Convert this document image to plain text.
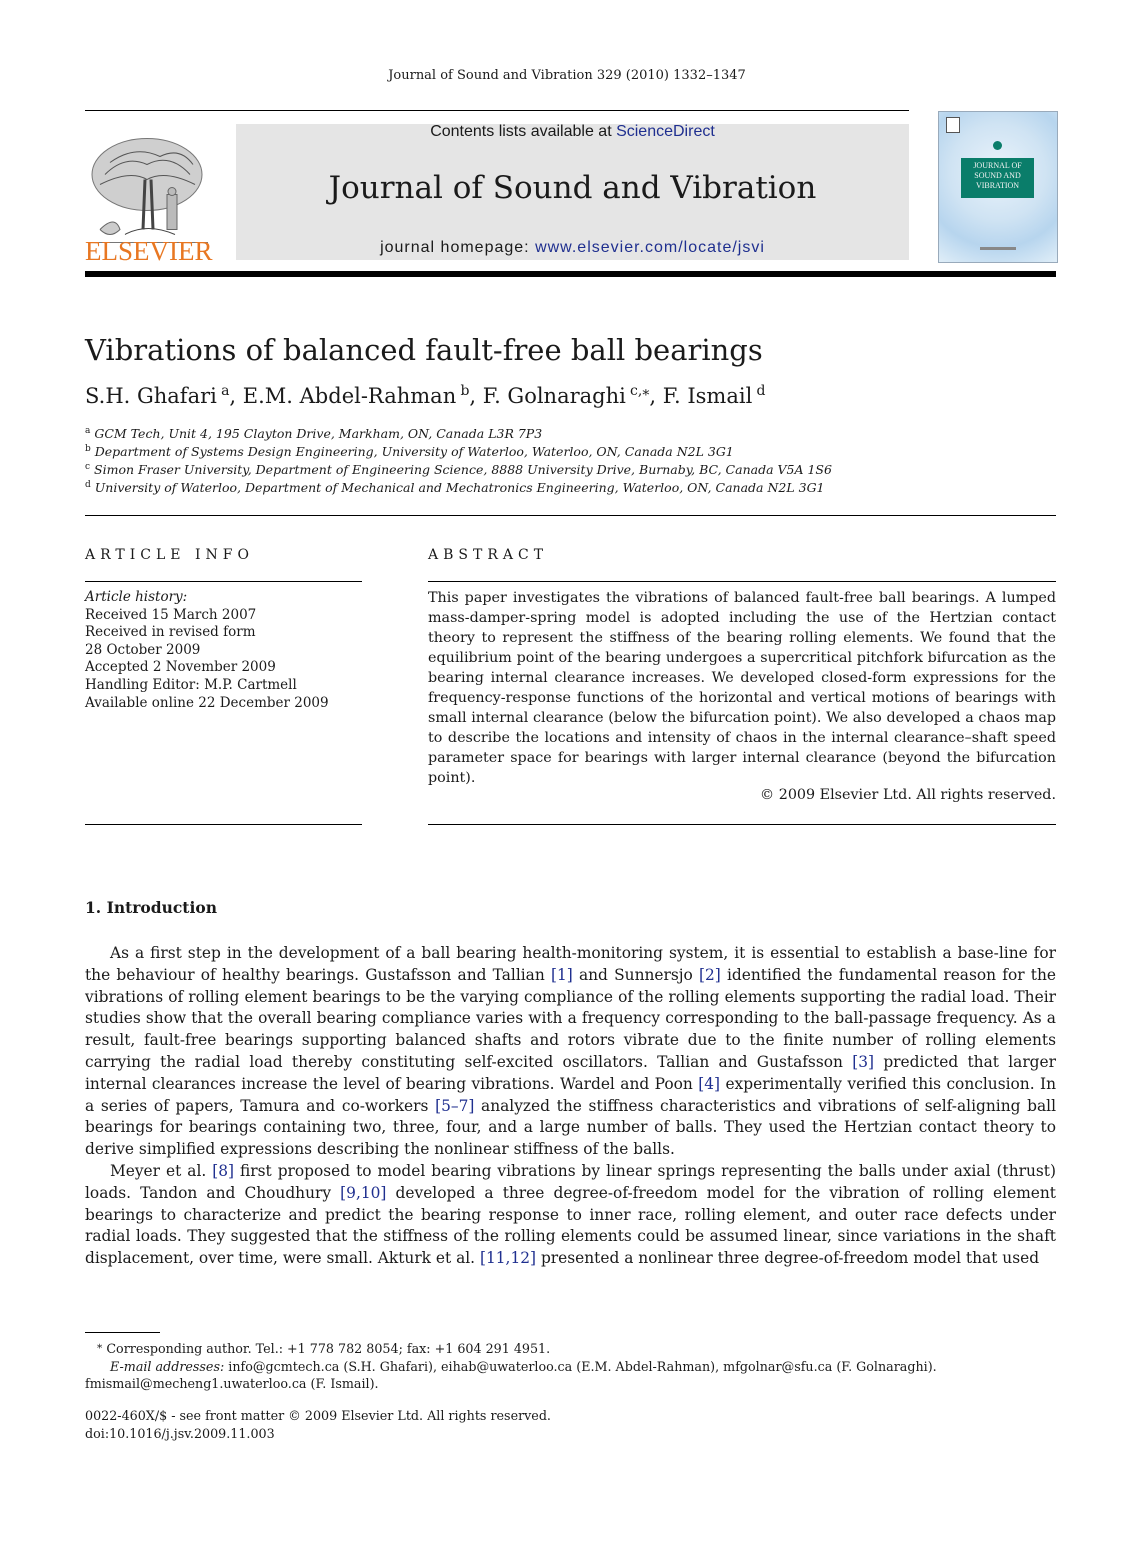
Journal of Sound and Vibration 329 (2010) 1332–1347
ELSEVIER
Contents lists available at ScienceDirect
Journal of Sound and Vibration
journal homepage: www.elsevier.com/locate/jsvi
JOURNAL OF SOUND AND VIBRATION
Vibrations of balanced fault-free ball bearings
S.H. Ghafari  $^a$, E.M. Abdel-Rahman  $^b$, F. Golnaraghi  $^{c,⁎}$, F. Ismail  $^d$
$^a$ GCM Tech, Unit 4, 195 Clayton Drive, Markham, ON, Canada L3R 7P3
$^b$ Department of Systems Design Engineering, University of Waterloo, Waterloo, ON, Canada N2L 3G1
$^c$ Simon Fraser University, Department of Engineering Science, 8888 University Drive, Burnaby, BC, Canada V5A 1S6
$^d$ University of Waterloo, Department of Mechanical and Mechatronics Engineering, Waterloo, ON, Canada N2L 3G1
ARTICLE INFO
Article history:
Received 15 March 2007
Received in revised form
28 October 2009
Accepted 2 November 2009
Handling Editor: M.P. Cartmell
Available online 22 December 2009
ABSTRACT
This paper investigates the vibrations of balanced fault-free ball bearings. A lumped mass-damper-spring model is adopted including the use of the Hertzian contact theory to represent the stiffness of the bearing rolling elements. We found that the equilibrium point of the bearing undergoes a supercritical pitchfork bifurcation as the bearing internal clearance increases. We developed closed-form expressions for the frequency-response functions of the horizontal and vertical motions of bearings with small internal clearance (below the bifurcation point). We also developed a chaos map to describe the locations and intensity of chaos in the internal clearance–shaft speed parameter space for bearings with larger internal clearance (beyond the bifurcation point).
© 2009 Elsevier Ltd. All rights reserved.
1. Introduction

As a first step in the development of a ball bearing health-monitoring system, it is essential to establish a base-line for the behaviour of healthy bearings. Gustafsson and Tallian [1] and Sunnersjo [2] identified the fundamental reason for the vibrations of rolling element bearings to be the varying compliance of the rolling elements supporting the radial load. Their studies show that the overall bearing compliance varies with a frequency corresponding to the ball-passage frequency. As a result, fault-free bearings supporting balanced shafts and rotors vibrate due to the finite number of rolling elements carrying the radial load thereby constituting self-excited oscillators. Tallian and Gustafsson [3] predicted that larger internal clearances increase the level of bearing vibrations. Wardel and Poon [4] experimentally verified this conclusion. In a series of papers, Tamura and co-workers [5–7] analyzed the stiffness characteristics and vibrations of self-aligning ball bearings for bearings containing two, three, four, and a large number of balls. They used the Hertzian contact theory to derive simplified expressions describing the nonlinear stiffness of the balls.

Meyer et al. [8] first proposed to model bearing vibrations by linear springs representing the balls under axial (thrust) loads. Tandon and Choudhury [9,10] developed a three degree-of-freedom model for the vibration of rolling element bearings to characterize and predict the bearing response to inner race, rolling element, and outer race defects under radial loads. They suggested that the stiffness of the rolling elements could be assumed linear, since variations in the shaft displacement, over time, were small. Akturk et al. [11,12] presented a nonlinear three degree-of-freedom model that used

⁎ Corresponding author. Tel.: +1 778 782 8054; fax: +1 604 291 4951.
E-mail addresses: info@gcmtech.ca (S.H. Ghafari), eihab@uwaterloo.ca (E.M. Abdel-Rahman), mfgolnar@sfu.ca (F. Golnaraghi).
fmismail@mecheng1.uwaterloo.ca (F. Ismail).
0022-460X/$ - see front matter © 2009 Elsevier Ltd. All rights reserved.
doi:10.1016/j.jsv.2009.11.003
